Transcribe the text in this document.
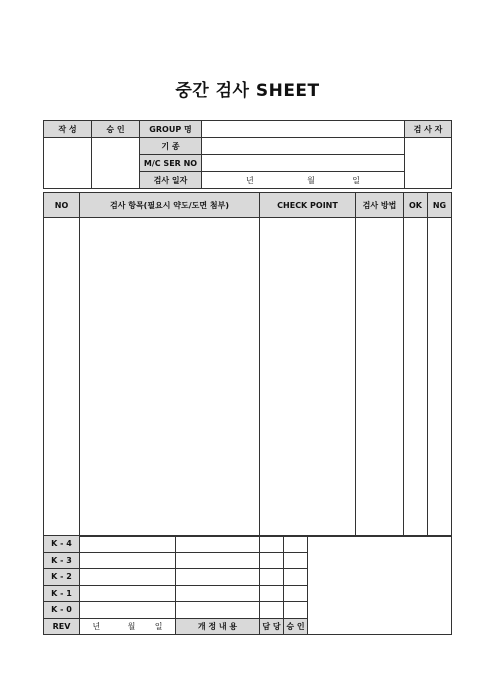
중간 검사 SHEET
작 성	승 인	GROUP 명		검 사 자
		기 종		
		M/C SER NO		
		검사 일자	년 월 일	
NO	검사 항목(필요시 약도/도면 첨부)	CHECK POINT	검사 방법	OK	NG

K - 4					
K - 3					
K - 2					
K - 1					
K - 0					
REV	년 월 일	개 정 내 용	담 당	승 인	
